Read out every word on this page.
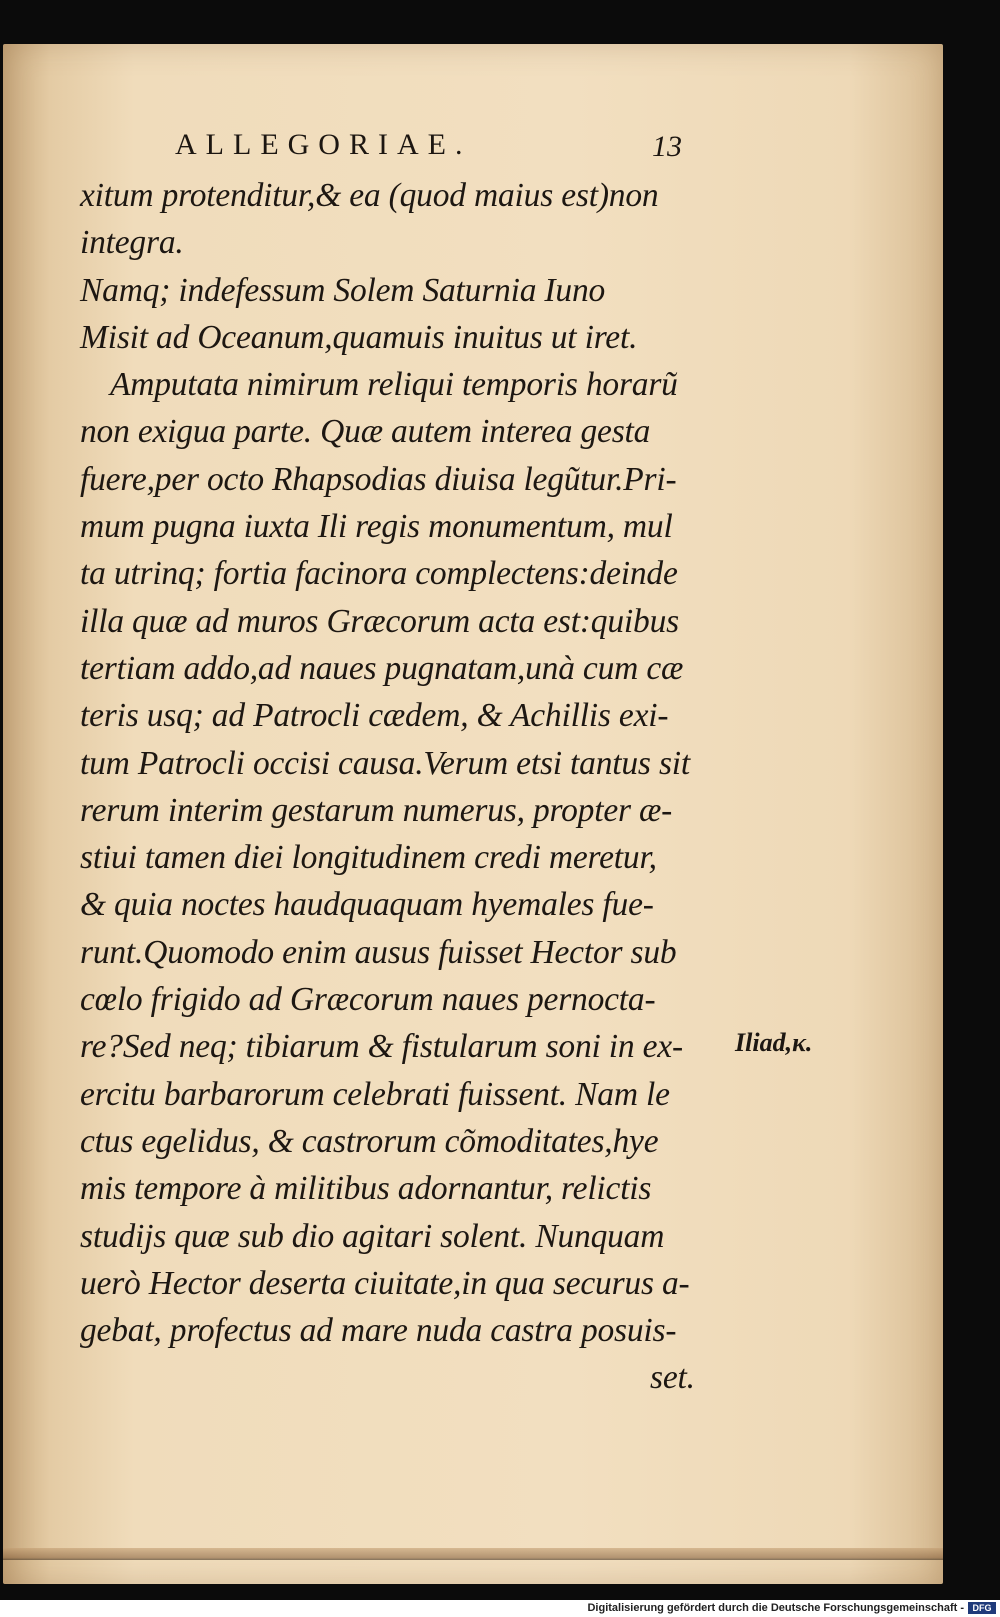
ALLEGORIAE.	13
xitum protenditur,& ea (quod maius est)non
integra.
Namq; indefessum Solem Saturnia Iuno
Misit ad Oceanum,quamuis inuitus ut iret.
Amputata nimirum reliqui temporis horarũ
non exigua parte. Quæ autem interea gesta
fuere,per octo Rhapsodias diuisa legũtur.Pri-
mum pugna iuxta Ili regis monumentum, mul
ta utrinq; fortia facinora complectens:deinde
illa quæ ad muros Græcorum acta est:quibus
tertiam addo,ad naues pugnatam,unà cum cæ
teris usq; ad Patrocli cædem, & Achillis exi-
tum Patrocli occisi causa.Verum etsi tantus sit
rerum interim gestarum numerus, propter æ-
stiui tamen diei longitudinem credi meretur,
& quia noctes haudquaquam hyemales fue-
runt.Quomodo enim ausus fuisset Hector sub
cœlo frigido ad Græcorum naues pernocta-
re?Sed neq; tibiarum & fistularum soni in ex-
ercitu barbarorum celebrati fuissent. Nam le
ctus egelidus, & castrorum cõmoditates,hye
mis tempore à militibus adornantur, relictis
studijs quæ sub dio agitari solent. Nunquam
uerò Hector deserta ciuitate,in qua securus a-
gebat, profectus ad mare nuda castra posuis-
set.
Iliad,κ.
Digitalisierung gefördert durch die Deutsche Forschungsgemeinschaft - DFG
